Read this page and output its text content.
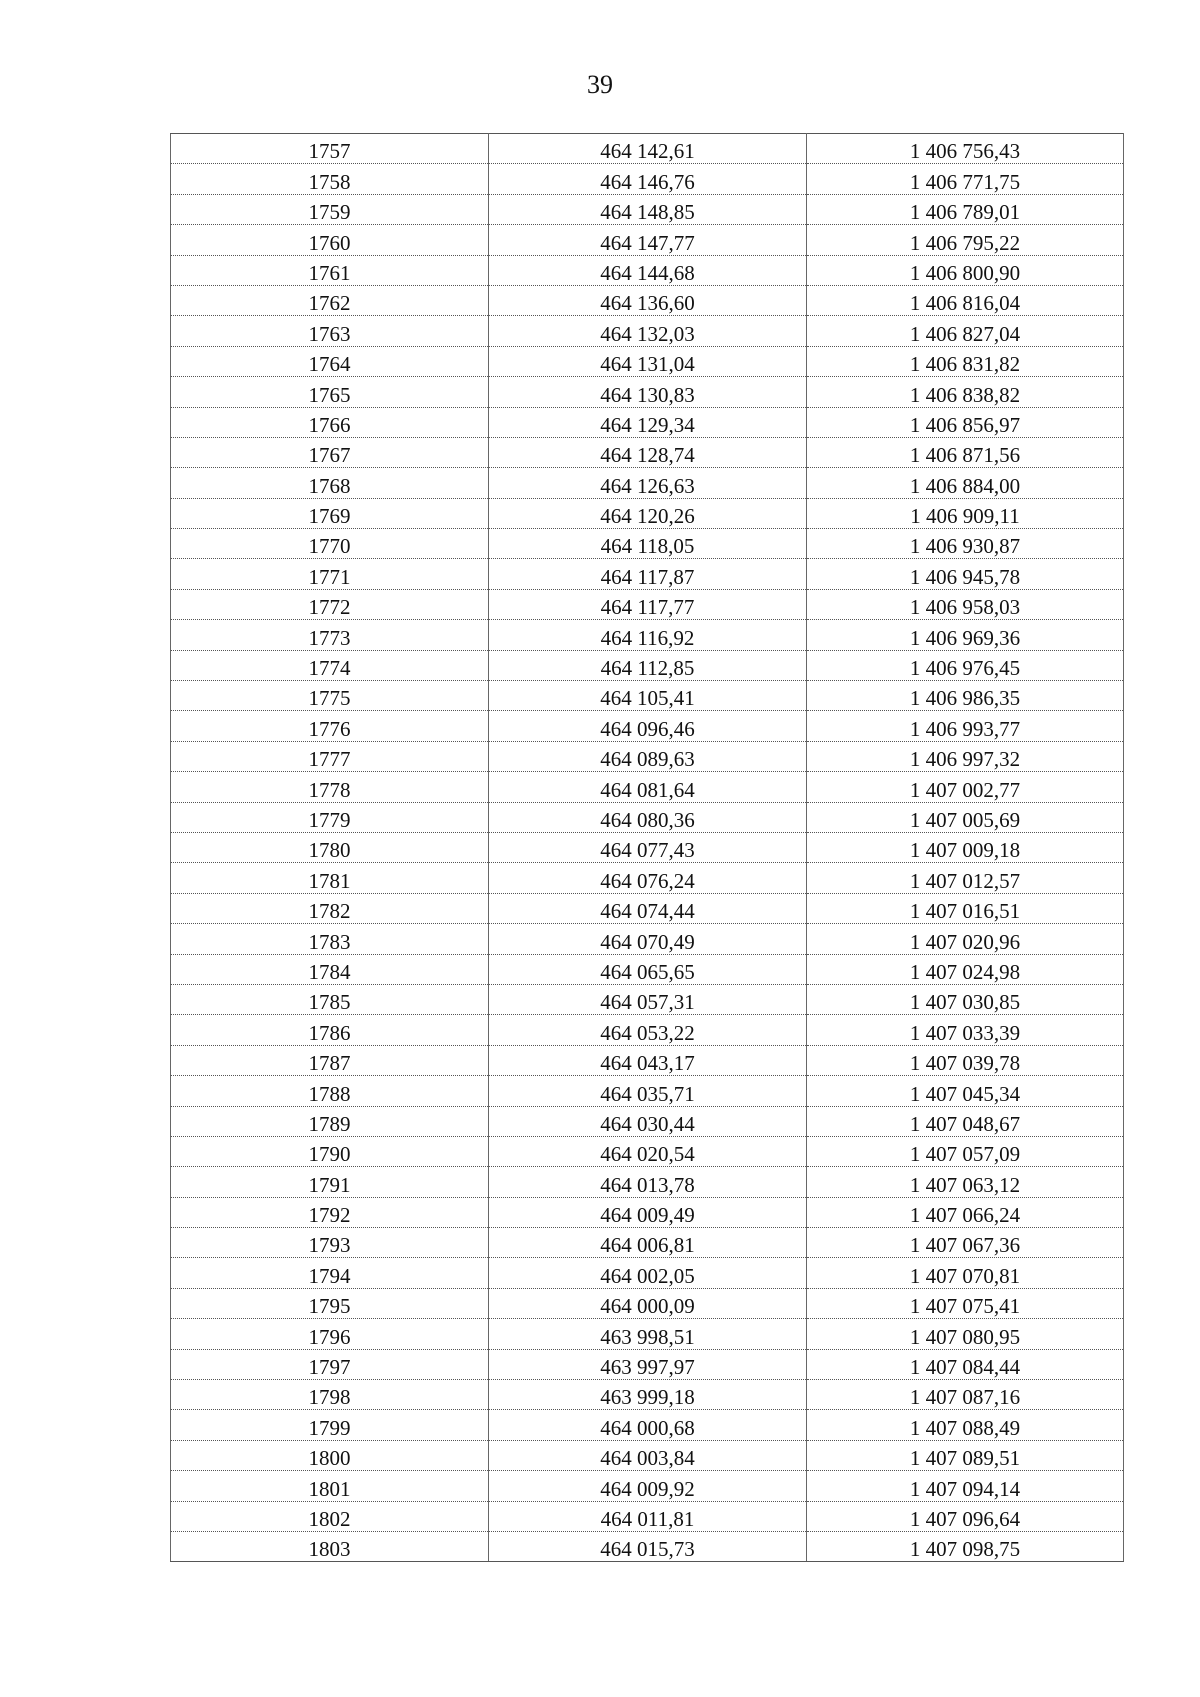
39
1757	464 142,61	1 406 756,43
1758	464 146,76	1 406 771,75
1759	464 148,85	1 406 789,01
1760	464 147,77	1 406 795,22
1761	464 144,68	1 406 800,90
1762	464 136,60	1 406 816,04
1763	464 132,03	1 406 827,04
1764	464 131,04	1 406 831,82
1765	464 130,83	1 406 838,82
1766	464 129,34	1 406 856,97
1767	464 128,74	1 406 871,56
1768	464 126,63	1 406 884,00
1769	464 120,26	1 406 909,11
1770	464 118,05	1 406 930,87
1771	464 117,87	1 406 945,78
1772	464 117,77	1 406 958,03
1773	464 116,92	1 406 969,36
1774	464 112,85	1 406 976,45
1775	464 105,41	1 406 986,35
1776	464 096,46	1 406 993,77
1777	464 089,63	1 406 997,32
1778	464 081,64	1 407 002,77
1779	464 080,36	1 407 005,69
1780	464 077,43	1 407 009,18
1781	464 076,24	1 407 012,57
1782	464 074,44	1 407 016,51
1783	464 070,49	1 407 020,96
1784	464 065,65	1 407 024,98
1785	464 057,31	1 407 030,85
1786	464 053,22	1 407 033,39
1787	464 043,17	1 407 039,78
1788	464 035,71	1 407 045,34
1789	464 030,44	1 407 048,67
1790	464 020,54	1 407 057,09
1791	464 013,78	1 407 063,12
1792	464 009,49	1 407 066,24
1793	464 006,81	1 407 067,36
1794	464 002,05	1 407 070,81
1795	464 000,09	1 407 075,41
1796	463 998,51	1 407 080,95
1797	463 997,97	1 407 084,44
1798	463 999,18	1 407 087,16
1799	464 000,68	1 407 088,49
1800	464 003,84	1 407 089,51
1801	464 009,92	1 407 094,14
1802	464 011,81	1 407 096,64
1803	464 015,73	1 407 098,75
